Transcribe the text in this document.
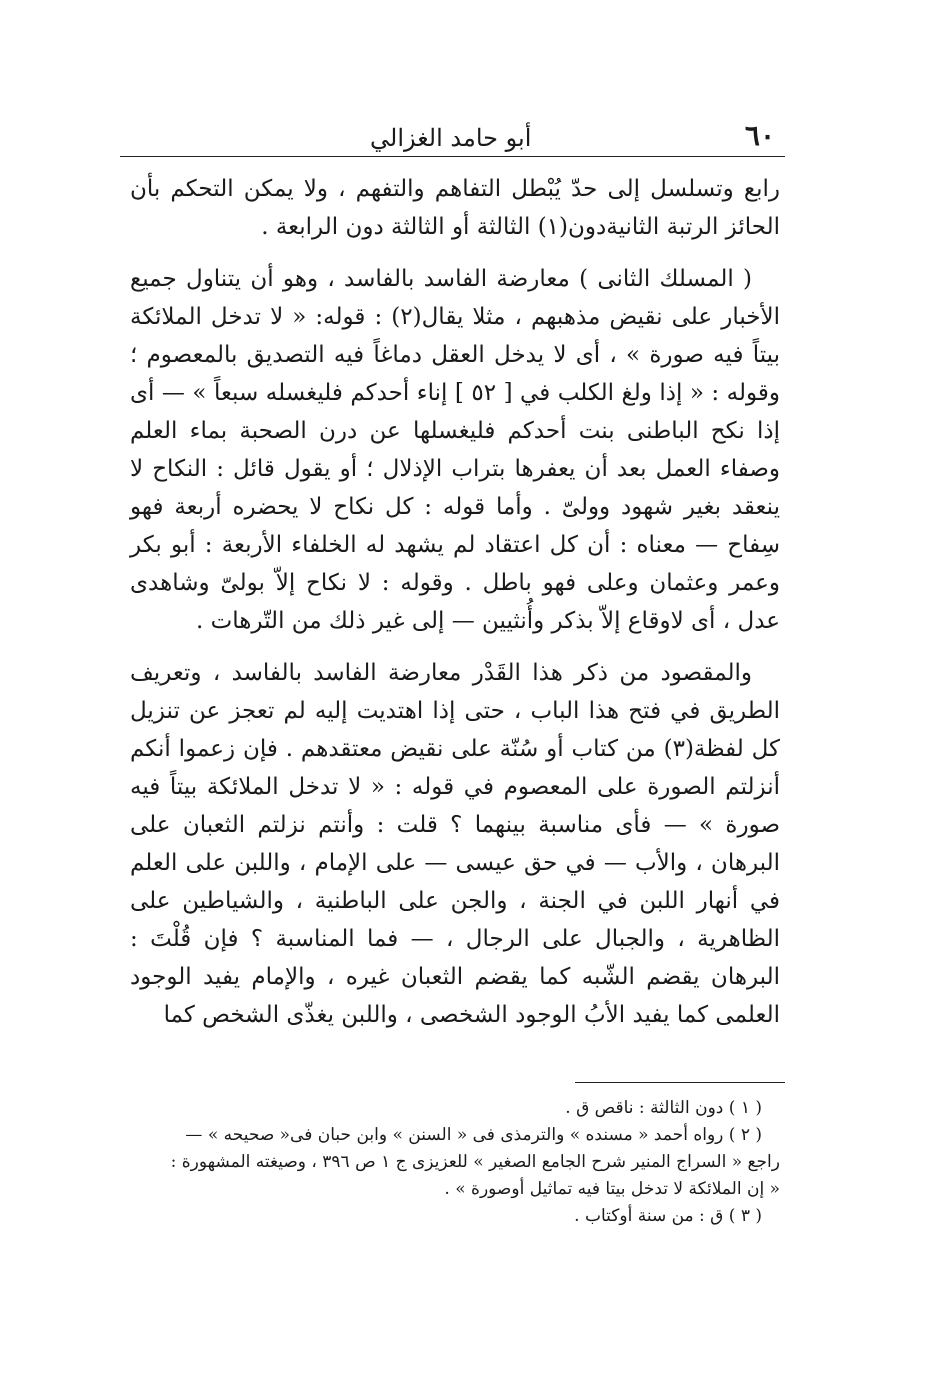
٦٠
أبو حامد الغزالي

رابع وتسلسل إلى حدّ يُبْطل التفاهم والتفهم ، ولا يمكن التحكم بأن الحائز الرتبة الثانيةدون(١) الثالثة أو الثالثة دون الرابعة .

( المسلك الثانى ) معارضة الفاسد بالفاسد ، وهو أن يتناول جميع الأخبار على نقيض مذهبهم ، مثلا يقال(٢) : قوله: « لا تدخل الملائكة بيتاً فيه صورة » ، أى لا يدخل العقل دماغاً فيه التصديق بالمعصوم ؛ وقوله : « إذا ولغ الكلب في [ ٥٢ ] إناء أحدكم فليغسله سبعاً » — أى إذا نكح الباطنى بنت أحدكم فليغسلها عن درن الصحبة بماء العلم وصفاء العمل بعد أن يعفرها بتراب الإذلال ؛ أو يقول قائل : النكاح لا ينعقد بغير شهود وولىّ . وأما قوله : كل نكاح لا يحضره أربعة فهو سِفاح — معناه : أن كل اعتقاد لم يشهد له الخلفاء الأربعة : أبو بكر وعمر وعثمان وعلى فهو باطل . وقوله : لا نكاح إلاّ بولىّ وشاهدى عدل ، أى لاوقاع إلاّ بذكر وأُنثيين — إلى غير ذلك من التّرهات .

والمقصود من ذكر هذا القَدْر معارضة الفاسد بالفاسد ، وتعريف الطريق في فتح هذا الباب ، حتى إذا اهتديت إليه لم تعجز عن تنزيل كل لفظة(٣) من كتاب أو سُنّة على نقيض معتقدهم . فإن زعموا أنكم أنزلتم الصورة على المعصوم في قوله : « لا تدخل الملائكة بيتاً فيه صورة » — فأى مناسبة بينهما ؟ قلت : وأنتم نزلتم الثعبان على البرهان ، والأب — في حق عيسى — على الإمام ، واللبن على العلم في أنهار اللبن في الجنة ، والجن على الباطنية ، والشياطين على الظاهرية ، والجبال على الرجال ، — فما المناسبة ؟ فإن قُلْتَ : البرهان يقضم الشّبه كما يقضم الثعبان غيره ، والإمام يفيد الوجود العلمى كما يفيد الأبُ الوجود الشخصى ، واللبن يغذّى الشخص كما

( ١ ) دون الثالثة : ناقص ق .

( ٢ ) رواه أحمد « مسنده » والترمذى فى « السنن » وابن حبان فى« صحيحه » —

راجع « السراج المنير شرح الجامع الصغير » للعزيزى ج ١ ص ٣٩٦ ، وصيغته المشهورة :

« إن الملائكة لا تدخل بيتا فيه تماثيل أوصورة » .

( ٣ ) ق : من سنة أوكتاب .
